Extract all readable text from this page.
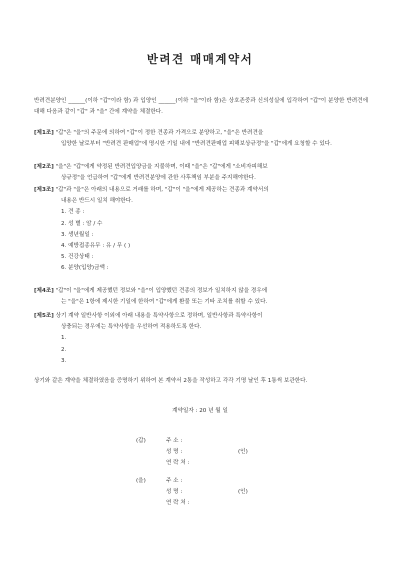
반려견 매매계약서
반려견분양인 ______(이하 "갑"이라 함) 과 입양인 ______(이하 "을"이라 함)은 상호존중과 신의성실에 입각하여 "갑"이 분양한 반려견에 대해 다음과 같이 "갑" 과 "을" 간에 계약을 체결한다.
[제1조] "갑"은 "을"의 주문에 의하여 "갑"이 정한 견종과 가격으로 분양하고, "을"은 반려견을
입양한 날로부터 "반려견 판매업"에 명시한 기일 내에 "반려견판매업 피해보상규정"을 "갑"에게 요청할 수 있다.
[제2조] "을"은 "갑"에게 약정된 반려견입양금을 지불하며, 이때 "을"은 "갑"에게 "소비자피해보
상규정"을 언급하여 "갑"에게 반려견분양에 관한 사후책임 부분을 주지해야한다.
[제3조] "갑"과 "을"은 아래의 내용으로 거래를 하며, "갑"이 "을"에게 제공하는 견종과 계약서의
내용은 반드시 일치 해야한다.
1. 견 종 :
2. 성 별 : 암 / 수
3. 생년월일 :
4. 예방접종유무 : 유 / 무 ( )
5. 건강상태 :
6. 분양(입양)금액 :
[제4조] "갑"이 "을"에게 제공했던 정보와 "을"이 입양했던 견종의 정보가 일치하지 않을 경우에
는 "을"은 1항에 제시한 기일에 한하여 "갑"에게 환불 또는 기타 조치를 취할 수 있다.
[제5조] 상기 계약 일반사항 이외에 아래 내용을 특약사항으로 정하며, 일반사항과 특약사항이
상충되는 경우에는 특약사항을 우선하여 적용하도록 한다.
1.
2.
3.
상기와 같은 계약을 체결하였음을 증명하기 위하여 본 계약서 2통을 작성하고 각각 기명 날인 후 1통씩 보관한다.
계약일자 : 20 년 월 일
(갑)	주 소 :
성 명 :	(인)
연 락 처 :
(을)	주 소 :
성 명 :	(인)
연 락 처 :
